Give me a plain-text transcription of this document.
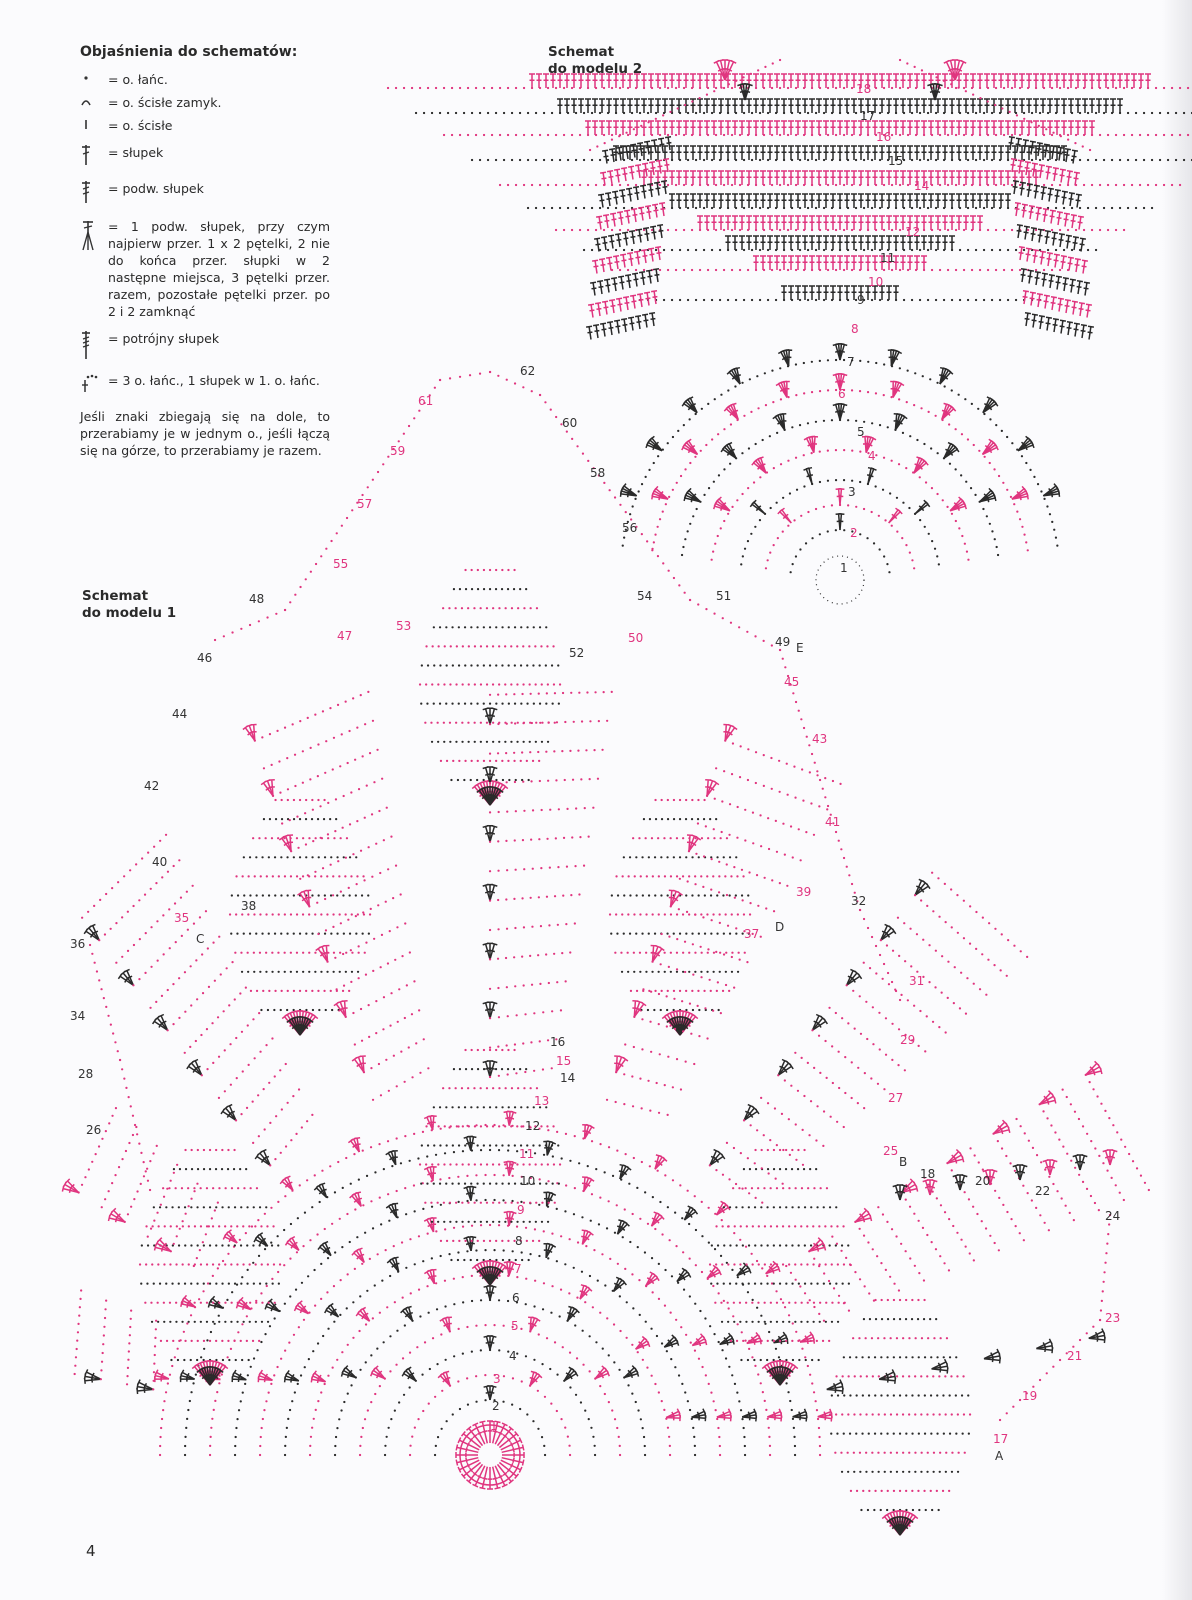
Objaśnienia do schematów:
= o. łańc.
= o. ścisłe zamyk.
= o. ścisłe
= słupek
= podw. słupek
= 1 podw. słupek, przy czym najpierw przer. 1 x 2 pętelki, 2 nie do końca przer. słupki w 2 następne miejsca, 3 pętelki przer. razem, pozostałe pętelki przer. po 2 i 2 zamknąć
= potrójny słupek
= 3 o. łańc., 1 słupek w 1. o. łańc.
Jeśli znaki zbiegają się na dole, to przerabiamy je w jednym o., jeśli łączą się na górze, to przerabiamy je razem.
Schemat
do modelu 2
Schemat
do modelu 1
4
62
61
60
59
58
57
56
55
54
53
52
51
50	49 E
48
47
46
45
44
43
42
41
40
39
38
35
C
36
37 D
32
31
34
29
28
16
15
14
13
12
27
26
25
B
11
18	20
10
22
24
9
8
7
6
23
5
21
4
3
19
2
17
A
1
18
17
16
15
14
12
11
10
9
8
7
6
5
4
3
2
1
